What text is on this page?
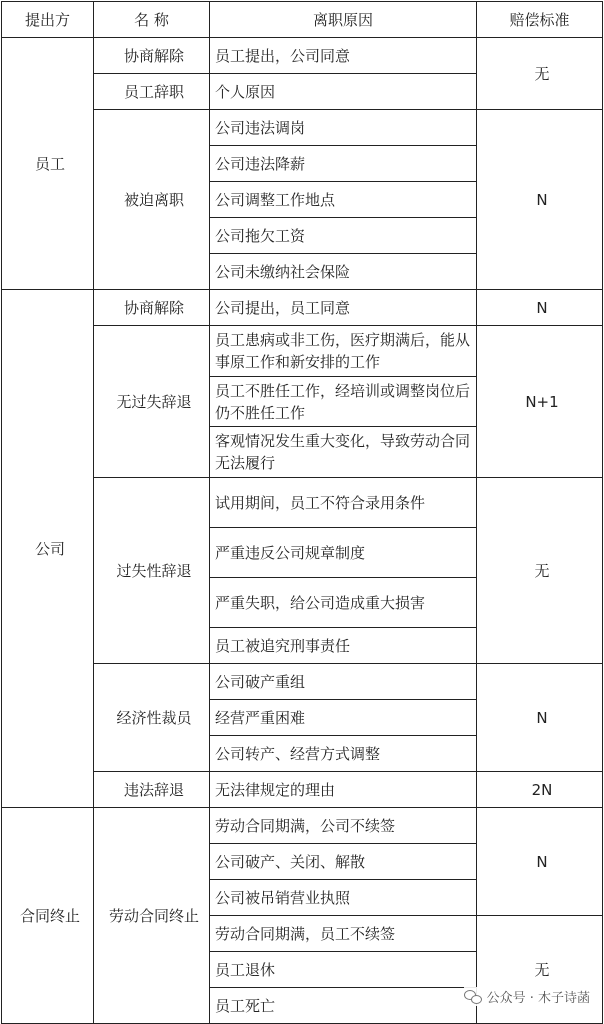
提出方	名 称	离职原因	赔偿标准
员工	协商解除	员工提出，公司同意	无
	员工辞职	个人原因	
	被迫离职	公司违法调岗	N
		公司违法降薪	
		公司调整工作地点	
		公司拖欠工资	
		公司未缴纳社会保险	
公司	协商解除	公司提出，员工同意	N
	无过失辞退	员工患病或非工伤，医疗期满后，能从事原工作和新安排的工作	N+1
		员工不胜任工作，经培训或调整岗位后仍不胜任工作	
		客观情况发生重大变化，导致劳动合同无法履行	
	过失性辞退	试用期间，员工不符合录用条件	无
		严重违反公司规章制度	
		严重失职，给公司造成重大损害	
		员工被追究刑事责任	
	经济性裁员	公司破产重组	N
		经营严重困难	
		公司转产、经营方式调整	
	违法辞退	无法律规定的理由	2N
合同终止	劳动合同终止	劳动合同期满，公司不续签	N
		公司破产、关闭、解散	
		公司被吊销营业执照	
		劳动合同期满，员工不续签	无
		员工退休	
		员工死亡		公众号 · 木子诗菡
